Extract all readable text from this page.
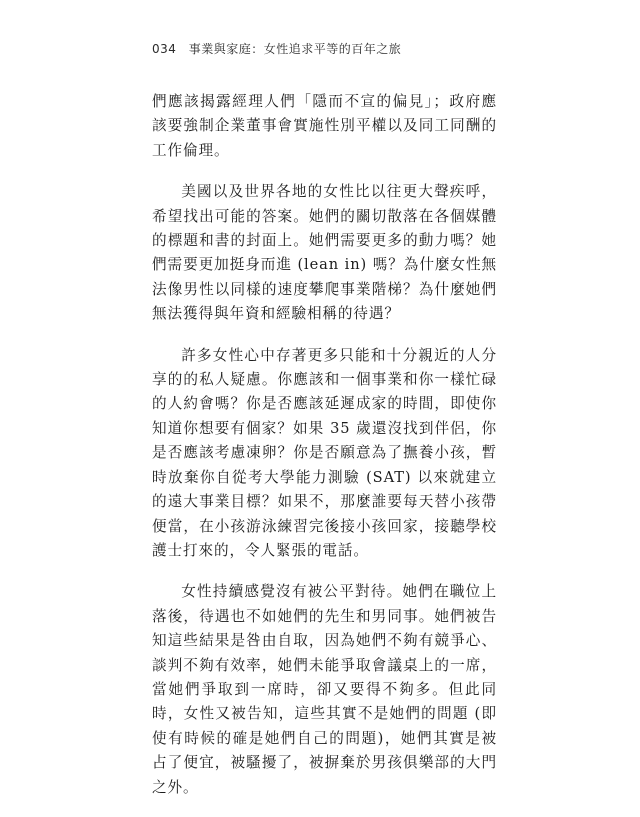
034 事業與家庭：女性追求平等的百年之旅

們應該揭露經理人們「隱而不宣的偏見」；政府應該要強制企業董事會實施性別平權以及同工同酬的工作倫理。

美國以及世界各地的女性比以往更大聲疾呼，希望找出可能的答案。她們的關切散落在各個媒體的標題和書的封面上。她們需要更多的動力嗎？她們需要更加挺身而進 (lean in) 嗎？為什麼女性無法像男性以同樣的速度攀爬事業階梯？為什麼她們無法獲得與年資和經驗相稱的待遇？

許多女性心中存著更多只能和十分親近的人分享的的私人疑慮。你應該和一個事業和你一樣忙碌的人約會嗎？你是否應該延遲成家的時間，即使你知道你想要有個家？如果 35 歲還沒找到伴侶，你是否應該考慮凍卵？你是否願意為了撫養小孩，暫時放棄你自從考大學能力測驗 (SAT) 以來就建立的遠大事業目標？如果不，那麼誰要每天替小孩帶便當，在小孩游泳練習完後接小孩回家，接聽學校護士打來的，令人緊張的電話。

女性持續感覺沒有被公平對待。她們在職位上落後，待遇也不如她們的先生和男同事。她們被告知這些結果是咎由自取，因為她們不夠有競爭心、談判不夠有效率，她們未能爭取會議桌上的一席，當她們爭取到一席時，卻又要得不夠多。但此同時，女性又被告知，這些其實不是她們的問題 (即使有時候的確是她們自己的問題)，她們其實是被占了便宜，被騷擾了，被摒棄於男孩俱樂部的大門之外。
